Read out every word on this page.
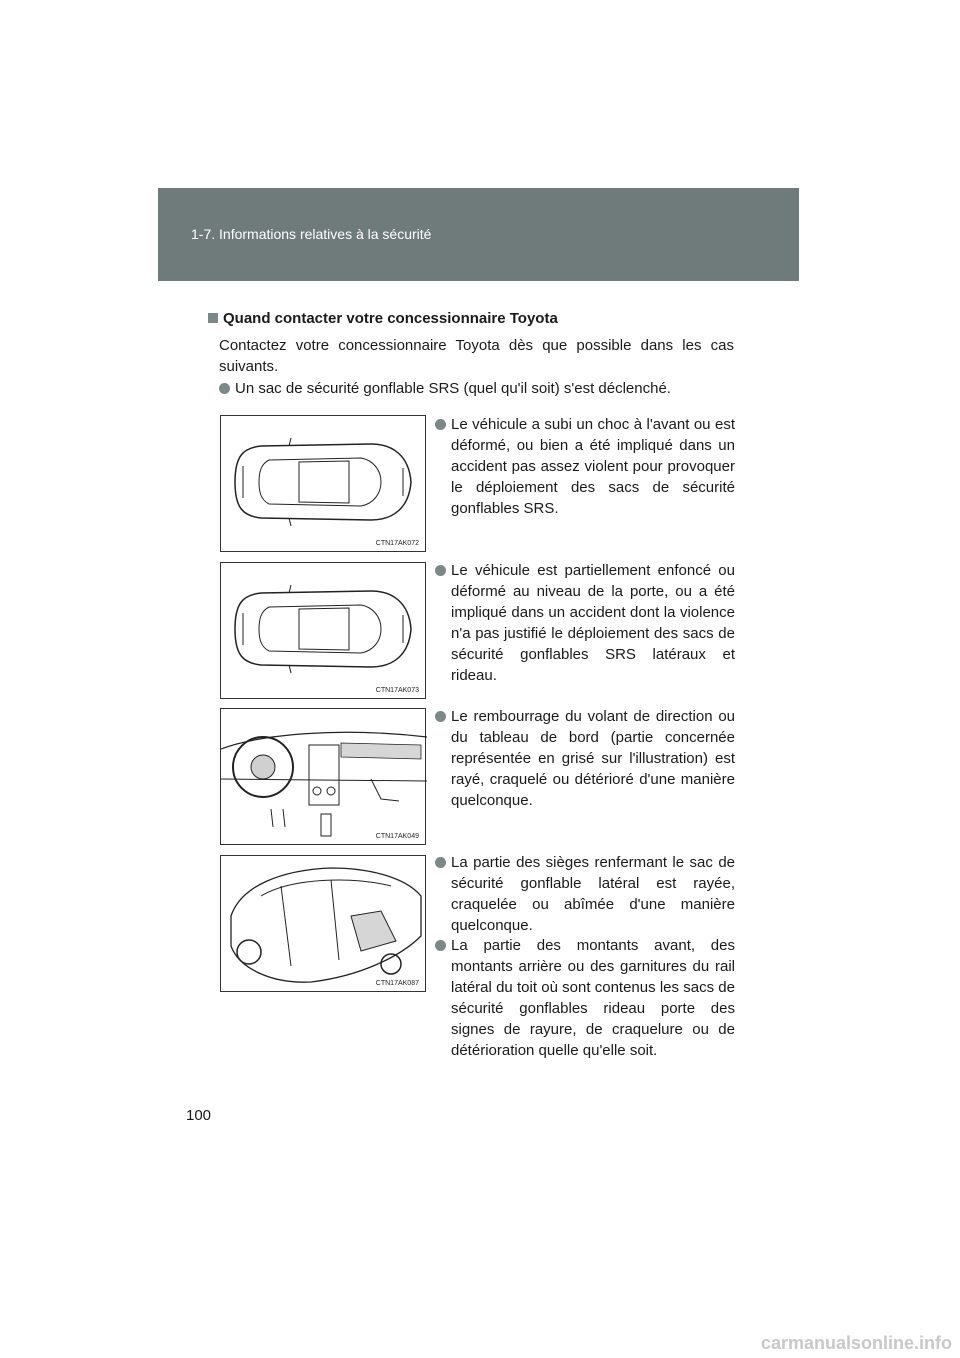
1-7. Informations relatives à la sécurité
Quand contacter votre concessionnaire Toyota
Contactez votre concessionnaire Toyota dès que possible dans les cas suivants.
Un sac de sécurité gonflable SRS (quel qu'il soit) s'est déclenché.
CTN17AK072
Le véhicule a subi un choc à l'avant ou est déformé, ou bien a été impliqué dans un accident pas assez violent pour provoquer le déploiement des sacs de sécurité gonflables SRS.
CTN17AK073
Le véhicule est partiellement enfoncé ou déformé au niveau de la porte, ou a été impliqué dans un accident dont la violence n'a pas justifié le déploiement des sacs de sécurité gonflables SRS latéraux et rideau.
CTN17AK049
Le rembourrage du volant de direction ou du tableau de bord (partie concernée représentée en grisé sur l'illustration) est rayé, craquelé ou détérioré d'une manière quelconque.
CTN17AK087
La partie des sièges renfermant le sac de sécurité gonflable latéral est rayée, craquelée ou abîmée d'une manière quelconque.
La partie des montants avant, des montants arrière ou des garnitures du rail latéral du toit où sont contenus les sacs de sécurité gonflables rideau porte des signes de rayure, de craquelure ou de détérioration quelle qu'elle soit.
100
carmanualsonline.info
